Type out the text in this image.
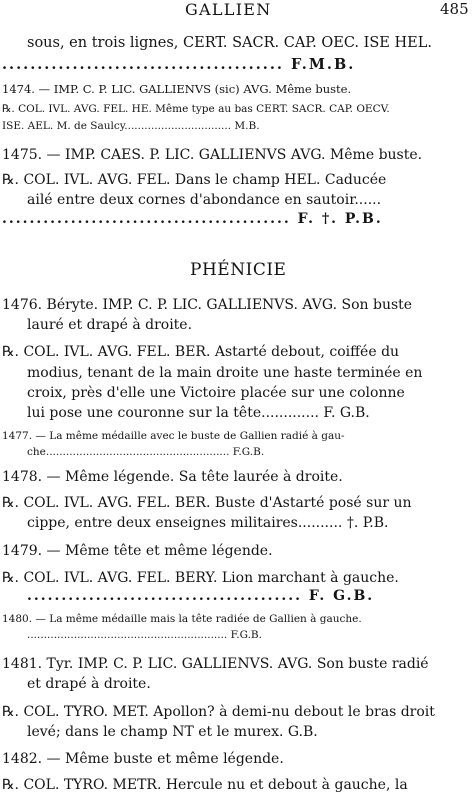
GALLIEN	485
sous, en trois lignes, CERT. SACR. CAP. OEC. ISE HEL.
........................................ F.M.B.
1474. — IMP. C. P. LIC. GALLIENVS (sic) AVG. Même buste.
℞. COL. IVL. AVG. FEL. HE. Même type au bas CERT. SACR. CAP. OECV.
ISE. AEL. M. de Saulcy................................ M.B.
1475. — IMP. CAES. P. LIC. GALLIENVS AVG. Même buste.
℞. COL. IVL. AVG. FEL. Dans le champ HEL. Caducée
ailé entre deux cornes d'abondance en sautoir......
.......................................... F. †. P.B.
PHÉNICIE
1476. Béryte. IMP. C. P. LIC. GALLIENVS. AVG. Son buste
lauré et drapé à droite.
℞. COL. IVL. AVG. FEL. BER. Astarté debout, coiffée du
modius, tenant de la main droite une haste terminée en
croix, près d'elle une Victoire placée sur une colonne
lui pose une couronne sur la tête............. F. G.B.
1477. — La même médaille avec le buste de Gallien radié à gau-
che....................................................... F.G.B.
1478. — Même légende. Sa tête laurée à droite.
℞. COL. IVL. AVG. FEL. BER. Buste d'Astarté posé sur un
cippe, entre deux enseignes militaires.......... †. P.B.
1479. — Même tête et même légende.
℞. COL. IVL. AVG. FEL. BERY. Lion marchant à gauche.
........................................ F. G.B.
1480. — La même médaille mais la tête radiée de Gallien à gauche.
............................................................ F.G.B.
1481. Tyr. IMP. C. P. LIC. GALLIENVS. AVG. Son buste radié
et drapé à droite.
℞. COL. TYRO. MET. Apollon? à demi-nu debout le bras droit
levé; dans le champ NT et le murex. G.B.
1482. — Même buste et même légende.
℞. COL. TYRO. METR. Hercule nu et debout à gauche, la
